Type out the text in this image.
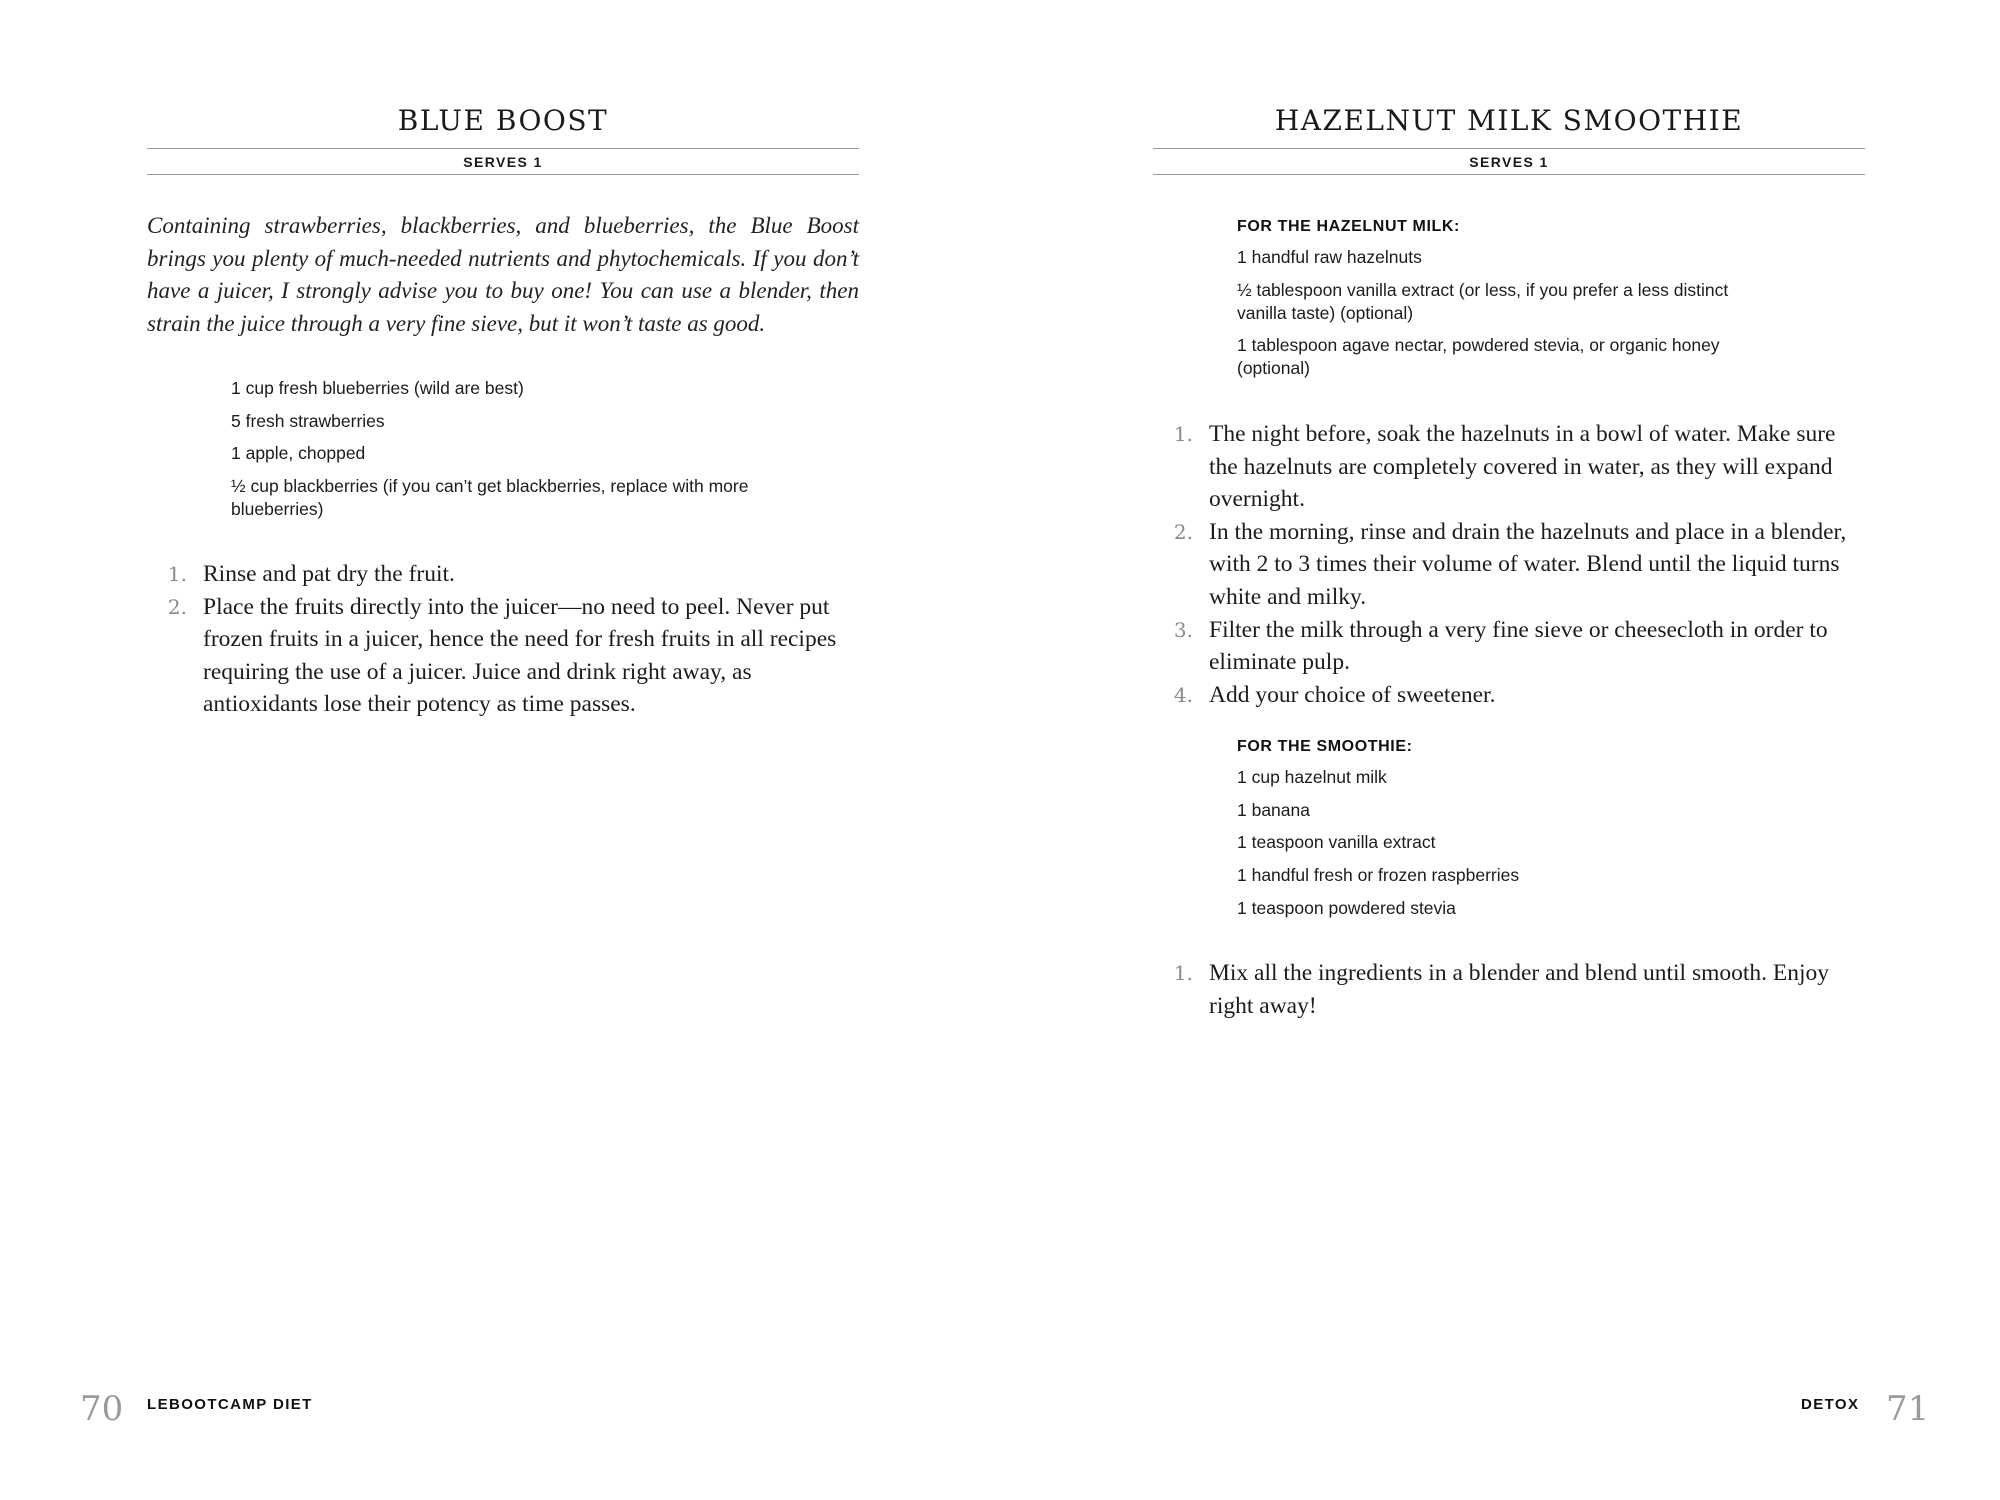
BLUE BOOST
SERVES 1

Containing strawberries, blackberries, and blueberries, the Blue Boost brings you plenty of much-needed nutrients and phytochemicals. If you don’t have a juicer, I strongly advise you to buy one! You can use a blender, then strain the juice through a very fine sieve, but it won’t taste as good.

1 cup fresh blueberries (wild are best)
5 fresh strawberries
1 apple, chopped
½ cup blackberries (if you can’t get blackberries, replace with more blueberries)
1. Rinse and pat dry the fruit.
2. Place the fruits directly into the juicer—no need to peel. Never put frozen fruits in a juicer, hence the need for fresh fruits in all recipes requiring the use of a juicer. Juice and drink right away, as antioxidants lose their potency as time passes.
70 LEBOOTCAMP DIET
HAZELNUT MILK SMOOTHIE
SERVES 1
FOR THE HAZELNUT MILK:
1 handful raw hazelnuts
½ tablespoon vanilla extract (or less, if you prefer a less distinct vanilla taste) (optional)
1 tablespoon agave nectar, powdered stevia, or organic honey (optional)
1. The night before, soak the hazelnuts in a bowl of water. Make sure the hazelnuts are completely covered in water, as they will expand overnight.
2. In the morning, rinse and drain the hazelnuts and place in a blender, with 2 to 3 times their volume of water. Blend until the liquid turns white and milky.
3. Filter the milk through a very fine sieve or cheesecloth in order to eliminate pulp.
4. Add your choice of sweetener.
FOR THE SMOOTHIE:
1 cup hazelnut milk
1 banana
1 teaspoon vanilla extract
1 handful fresh or frozen raspberries
1 teaspoon powdered stevia
1. Mix all the ingredients in a blender and blend until smooth. Enjoy right away!
DETOX 71
